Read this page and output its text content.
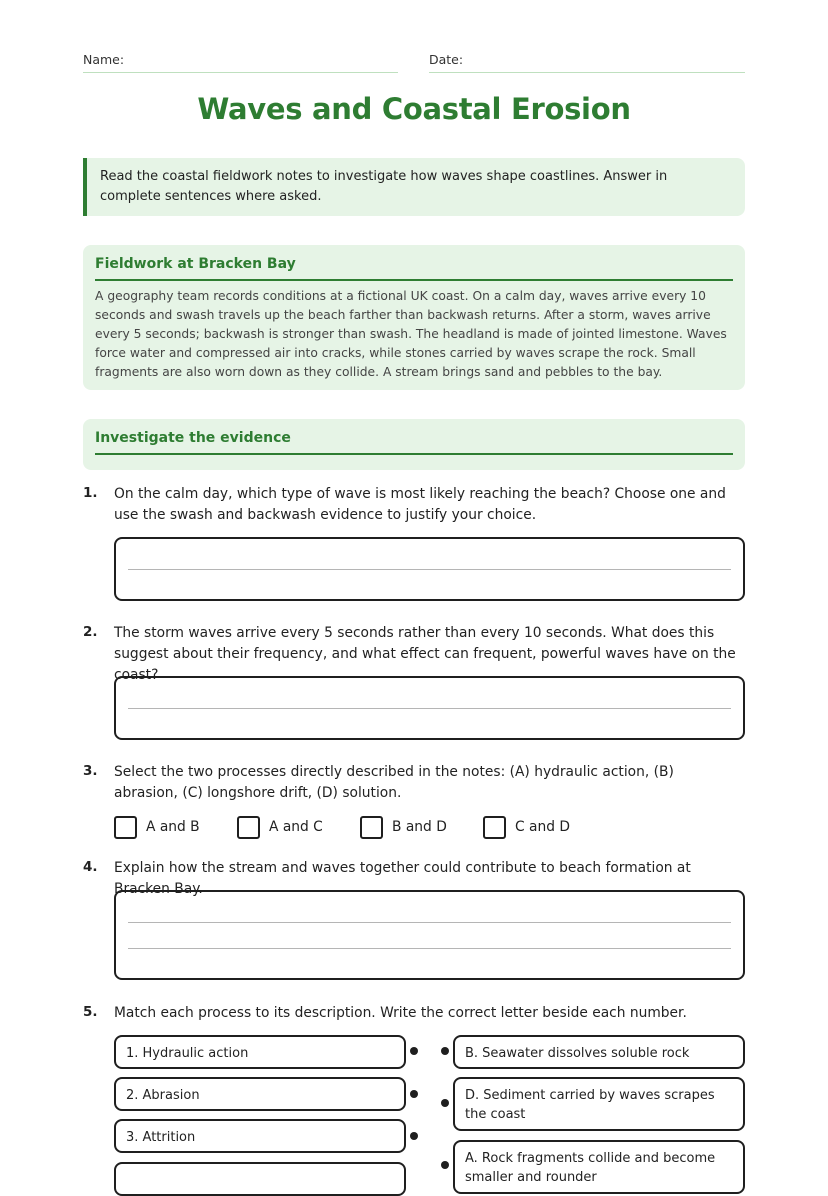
Name:	Date:
Waves and Coastal Erosion
Read the coastal fieldwork notes to investigate how waves shape coastlines. Answer in complete sentences where asked.
Fieldwork at Bracken Bay
A geography team records conditions at a fictional UK coast. On a calm day, waves arrive every 10 seconds and swash travels up the beach farther than backwash returns. After a storm, waves arrive every 5 seconds; backwash is stronger than swash. The headland is made of jointed limestone. Waves force water and compressed air into cracks, while stones carried by waves scrape the rock. Small fragments are also worn down as they collide. A stream brings sand and pebbles to the bay.
Investigate the evidence
1. On the calm day, which type of wave is most likely reaching the beach? Choose one and use the swash and backwash evidence to justify your choice.
2. The storm waves arrive every 5 seconds rather than every 10 seconds. What does this suggest about their frequency, and what effect can frequent, powerful waves have on the coast?
3. Select the two processes directly described in the notes: (A) hydraulic action, (B) abrasion, (C) longshore drift, (D) solution.
A and B	A and C	B and D	C and D
4. Explain how the stream and waves together could contribute to beach formation at Bracken Bay.
5. Match each process to its description. Write the correct letter beside each number.
1. Hydraulic action
2. Abrasion
3. Attrition
B. Seawater dissolves soluble rock
D. Sediment carried by waves scrapes the coast
A. Rock fragments collide and become smaller and rounder
